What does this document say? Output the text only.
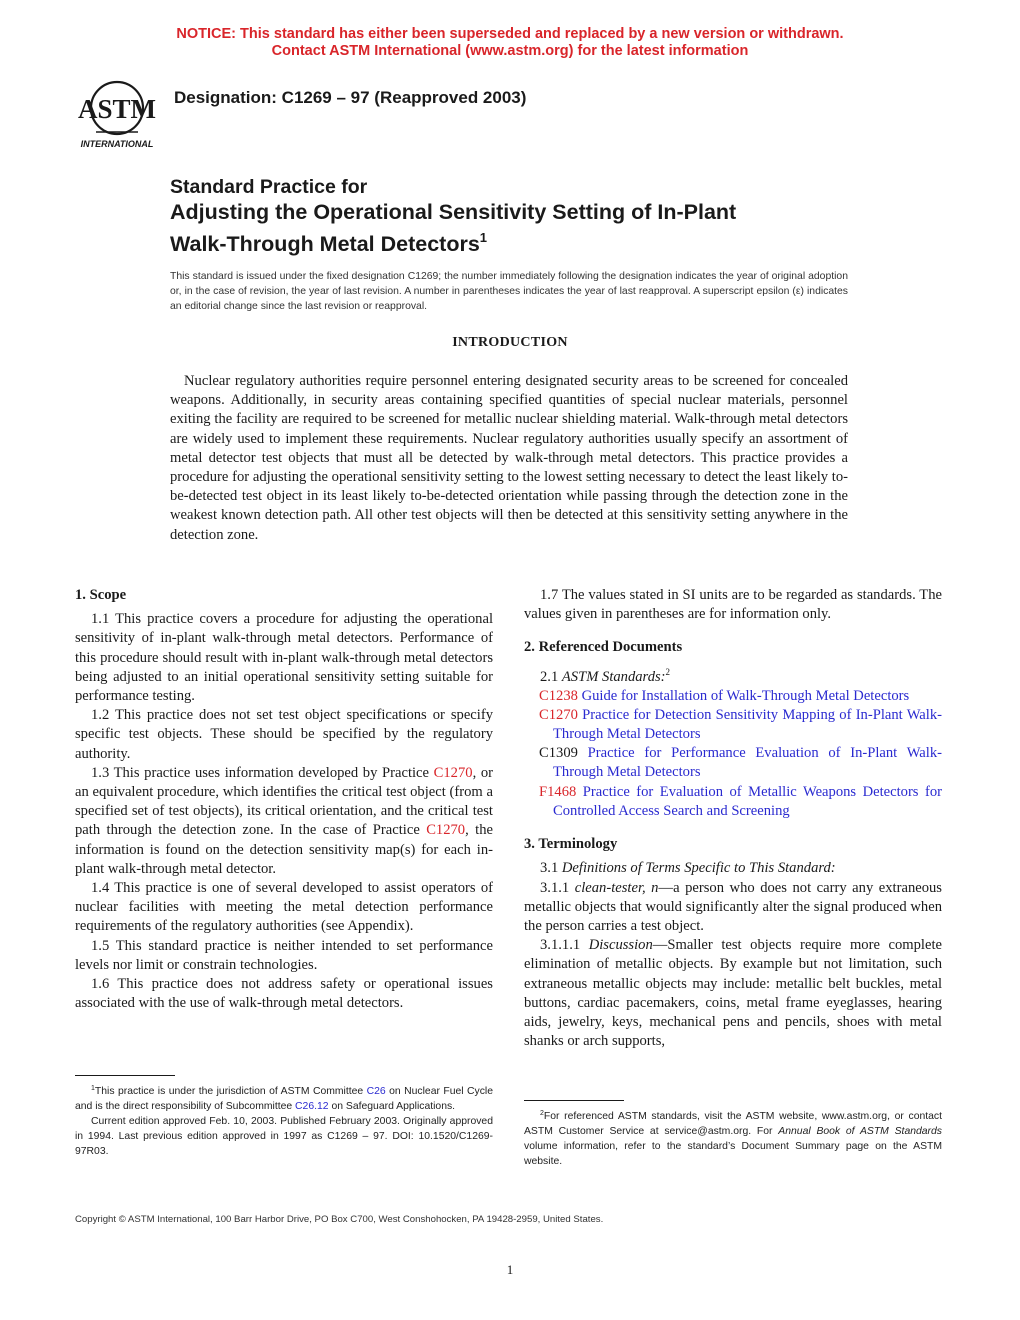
NOTICE: This standard has either been superseded and replaced by a new version or withdrawn.
Contact ASTM International (www.astm.org) for the latest information
ASTM
INTERNATIONAL
Designation: C1269 – 97 (Reapproved 2003)
Standard Practice for
Adjusting the Operational Sensitivity Setting of In-Plant
Walk-Through Metal Detectors$^1$
This standard is issued under the fixed designation C1269; the number immediately following the designation indicates the year of original adoption or, in the case of revision, the year of last revision. A number in parentheses indicates the year of last reapproval. A superscript epsilon (ε) indicates an editorial change since the last revision or reapproval.
INTRODUCTION

Nuclear regulatory authorities require personnel entering designated security areas to be screened for concealed weapons. Additionally, in security areas containing specified quantities of special nuclear materials, personnel exiting the facility are required to be screened for metallic nuclear shielding material. Walk-through metal detectors are widely used to implement these requirements. Nuclear regulatory authorities usually specify an assortment of metal detector test objects that must all be detected by walk-through metal detectors. This practice provides a procedure for adjusting the operational sensitivity setting to the lowest setting necessary to detect the least likely to-be-detected test object in its least likely to-be-detected orientation while passing through the detection zone in the weakest known detection path. All other test objects will then be detected at this sensitivity setting anywhere in the detection zone.

1. Scope

1.1 This practice covers a procedure for adjusting the operational sensitivity of in-plant walk-through metal detectors. Performance of this procedure should result with in-plant walk-through metal detectors being adjusted to an initial operational sensitivity setting suitable for performance testing.

1.2 This practice does not set test object specifications or specify specific test objects. These should be specified by the regulatory authority.

1.3 This practice uses information developed by Practice C1270, or an equivalent procedure, which identifies the critical test object (from a specified set of test objects), its critical orientation, and the critical test path through the detection zone. In the case of Practice C1270, the information is found on the detection sensitivity map(s) for each in-plant walk-through metal detector.

1.4 This practice is one of several developed to assist operators of nuclear facilities with meeting the metal detection performance requirements of the regulatory authorities (see Appendix).

1.5 This standard practice is neither intended to set performance levels nor limit or constrain technologies.

1.6 This practice does not address safety or operational issues associated with the use of walk-through metal detectors.

1.7 The values stated in SI units are to be regarded as standards. The values given in parentheses are for information only.

2. Referenced Documents

2.1 ASTM Standards:$^2$

C1238 Guide for Installation of Walk-Through Metal Detectors

C1270 Practice for Detection Sensitivity Mapping of In-Plant Walk-Through Metal Detectors

C1309 Practice for Performance Evaluation of In-Plant Walk-Through Metal Detectors

F1468 Practice for Evaluation of Metallic Weapons Detectors for Controlled Access Search and Screening

3. Terminology

3.1 Definitions of Terms Specific to This Standard:

3.1.1 clean-tester, n—a person who does not carry any extraneous metallic objects that would significantly alter the signal produced when the person carries a test object.

3.1.1.1 Discussion—Smaller test objects require more complete elimination of metallic objects. By example but not limitation, such extraneous metallic objects may include: metallic belt buckles, metal buttons, cardiac pacemakers, coins, metal frame eyeglasses, hearing aids, jewelry, keys, mechanical pens and pencils, shoes with metal shanks or arch supports,

$^1$This practice is under the jurisdiction of ASTM Committee C26 on Nuclear Fuel Cycle and is the direct responsibility of Subcommittee C26.12 on Safeguard Applications.

Current edition approved Feb. 10, 2003. Published February 2003. Originally approved in 1994. Last previous edition approved in 1997 as C1269 – 97. DOI: 10.1520/C1269-97R03.

$^2$For referenced ASTM standards, visit the ASTM website, www.astm.org, or contact ASTM Customer Service at service@astm.org. For Annual Book of ASTM Standards volume information, refer to the standard’s Document Summary page on the ASTM website.

Copyright © ASTM International, 100 Barr Harbor Drive, PO Box C700, West Conshohocken, PA 19428-2959, United States.
1
